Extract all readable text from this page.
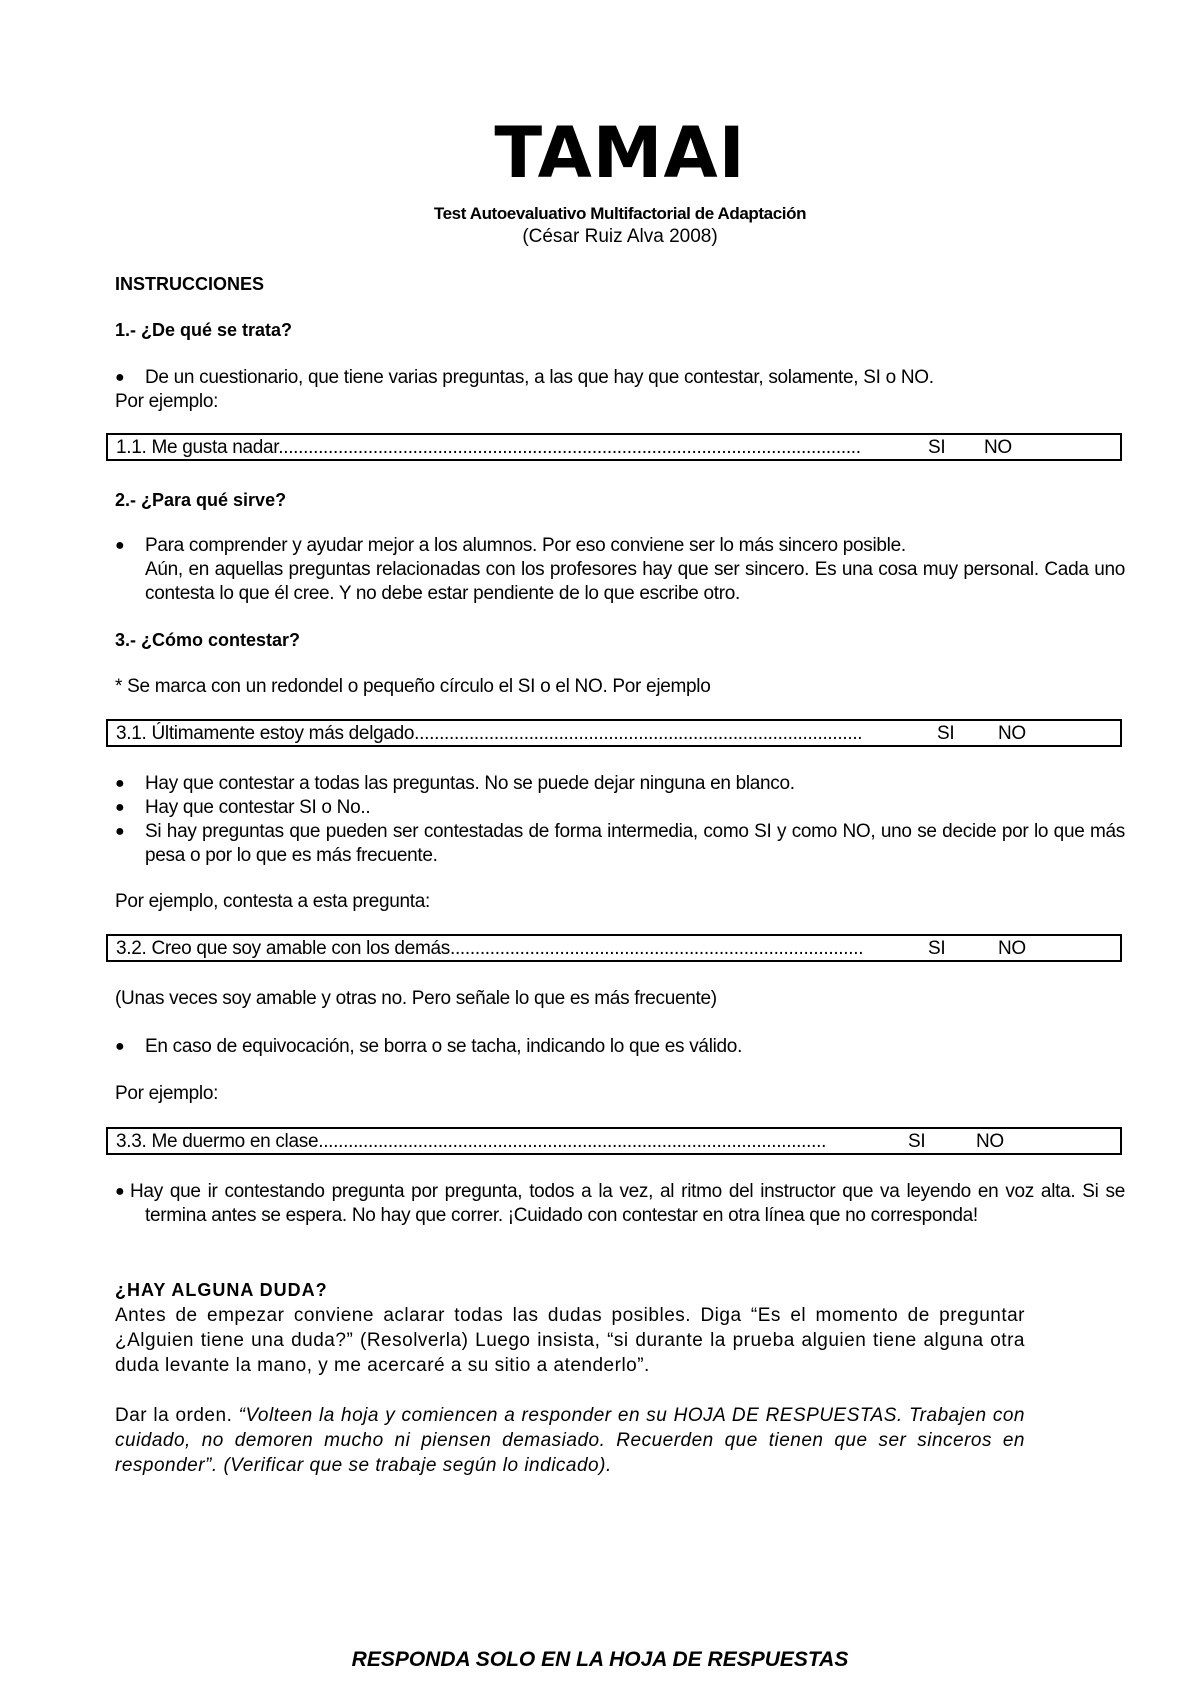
TAMAI
Test Autoevaluativo Multifactorial de Adaptación
(César Ruiz Alva 2008)
INSTRUCCIONES
1.- ¿De qué se trata?
● De un cuestionario, que tiene varias preguntas, a las que hay que contestar, solamente, SI o NO.
Por ejemplo:
1.1. Me gusta nadar.....................................................................................................................	SI NO
2.- ¿Para qué sirve?
● Para comprender y ayudar mejor a los alumnos. Por eso conviene ser lo más sincero posible.
Aún, en aquellas preguntas relacionadas con los profesores hay que ser sincero. Es una cosa muy personal. Cada uno contesta lo que él cree. Y no debe estar pendiente de lo que escribe otro.
3.- ¿Cómo contestar?
* Se marca con un redondel o pequeño círculo el SI o el NO. Por ejemplo
3.1. Últimamente estoy más delgado..........................................................................................	SI NO
● Hay que contestar a todas las preguntas. No se puede dejar ninguna en blanco.
● Hay que contestar SI o No..
● Si hay preguntas que pueden ser contestadas de forma intermedia, como SI y como NO, uno se decide por lo que más pesa o por lo que es más frecuente.
Por ejemplo, contesta a esta pregunta:
3.2. Creo que soy amable con los demás...................................................................................	SI	NO
(Unas veces soy amable y otras no. Pero señale lo que es más frecuente)
● En caso de equivocación, se borra o se tacha, indicando lo que es válido.
Por ejemplo:
3.3. Me duermo en clase......................................................................................................	SI	NO
● Hay que ir contestando pregunta por pregunta, todos a la vez, al ritmo del instructor que va leyendo en voz alta. Si se termina antes se espera. No hay que correr. ¡Cuidado con contestar en otra línea que no corresponda!
¿HAY ALGUNA DUDA?
Antes de empezar conviene aclarar todas las dudas posibles. Diga “Es el momento de preguntar ¿Alguien tiene una duda?” (Resolverla) Luego insista, “si durante la prueba alguien tiene alguna otra duda levante la mano, y me acercaré a su sitio a atenderlo”.
Dar la orden. “Volteen la hoja y comiencen a responder en su HOJA DE RESPUESTAS. Trabajen con cuidado, no demoren mucho ni piensen demasiado. Recuerden que tienen que ser sinceros en responder”. (Verificar que se trabaje según lo indicado).
RESPONDA SOLO EN LA HOJA DE RESPUESTAS
